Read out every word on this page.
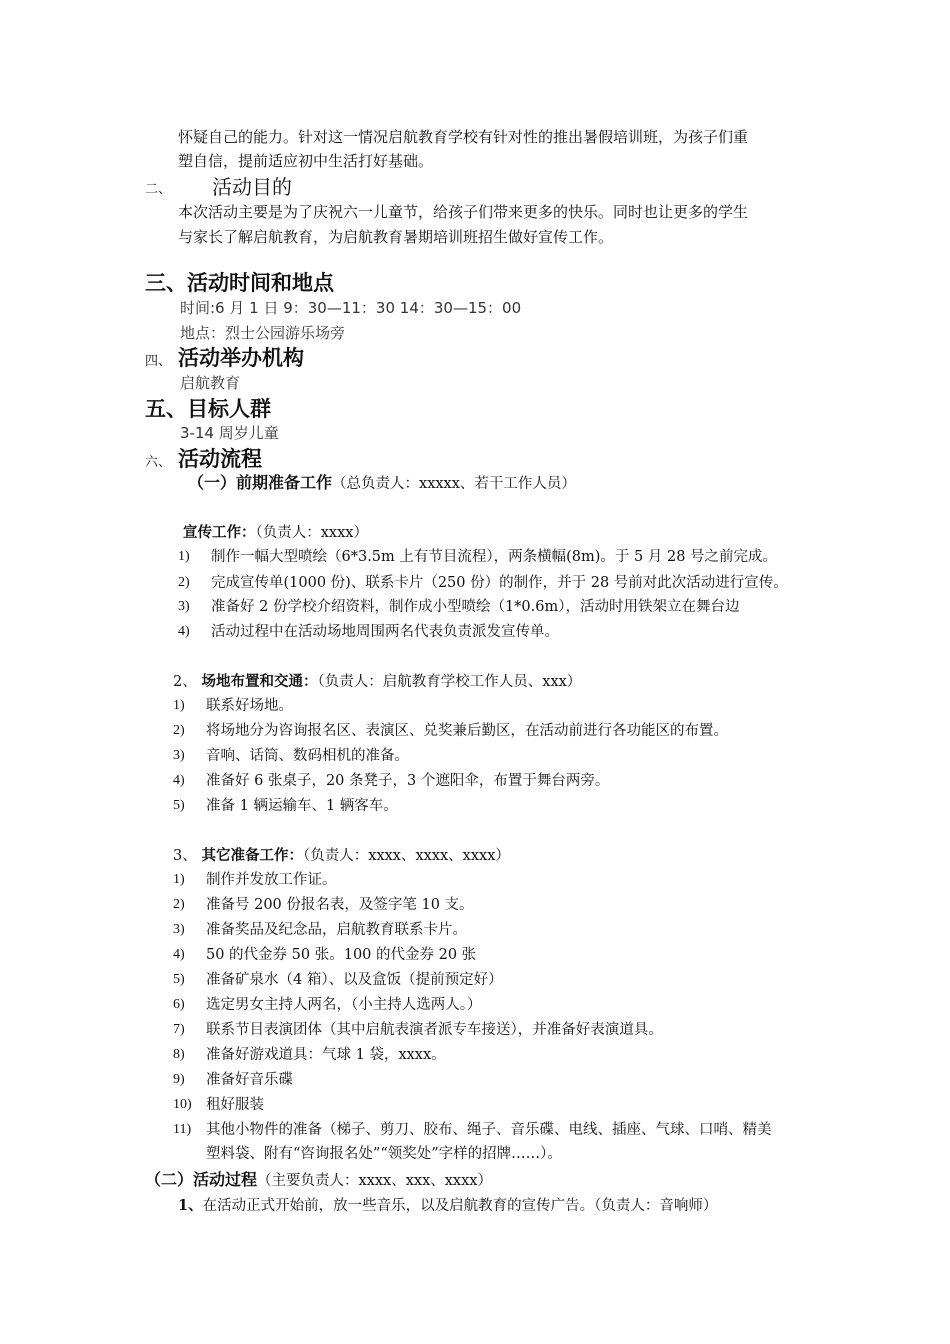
怀疑自己的能力。针对这一情况启航教育学校有针对性的推出暑假培训班，为孩子们重
塑自信，提前适应初中生活打好基础。
二、 活动目的
本次活动主要是为了庆祝六一儿童节，给孩子们带来更多的快乐。同时也让更多的学生
与家长了解启航教育，为启航教育暑期培训班招生做好宣传工作。
三、活动时间和地点
时间:6 月 1 日 9：30—11：30 14：30—15：00
地点：烈士公园游乐场旁
四、 活动举办机构
启航教育
五、目标人群
3-14 周岁儿童
六、 活动流程
（一）前期准备工作（总负责人：xxxxx、若干工作人员）
宣传工作：（负责人：xxxx）
1) 制作一幅大型喷绘（6*3.5m 上有节目流程），两条横幅(8m)。于 5 月 28 号之前完成。
2) 完成宣传单(1000 份)、联系卡片（250 份）的制作，并于 28 号前对此次活动进行宣传。
3) 准备好 2 份学校介绍资料，制作成小型喷绘（1*0.6m），活动时用铁架立在舞台边
4) 活动过程中在活动场地周围两名代表负责派发宣传单。
2、 场地布置和交通：（负责人：启航教育学校工作人员、xxx）
1) 联系好场地。
2) 将场地分为咨询报名区、表演区、兑奖兼后勤区，在活动前进行各功能区的布置。
3) 音响、话筒、数码相机的准备。
4) 准备好 6 张桌子，20 条凳子，3 个遮阳伞，布置于舞台两旁。
5) 准备 1 辆运输车、1 辆客车。
3、 其它准备工作：（负责人：xxxx、xxxx、xxxx）
1) 制作并发放工作证。
2) 准备号 200 份报名表，及签字笔 10 支。
3) 准备奖品及纪念品，启航教育联系卡片。
4) 50 的代金券 50 张。100 的代金券 20 张
5) 准备矿泉水（4 箱）、以及盒饭（提前预定好）
6) 选定男女主持人两名，（小主持人选两人。）
7) 联系节目表演团体（其中启航表演者派专车接送），并准备好表演道具。
8) 准备好游戏道具：气球 1 袋，xxxx。
9) 准备好音乐碟
10) 租好服装
11) 其他小物件的准备（梯子、剪刀、胶布、绳子、音乐碟、电线、插座、气球、口哨、精美
塑料袋、附有“咨询报名处”“领奖处”字样的招牌……）。
（二）活动过程（主要负责人：xxxx、xxx、xxxx）
1、在活动正式开始前，放一些音乐，以及启航教育的宣传广告。（负责人：音响师）
